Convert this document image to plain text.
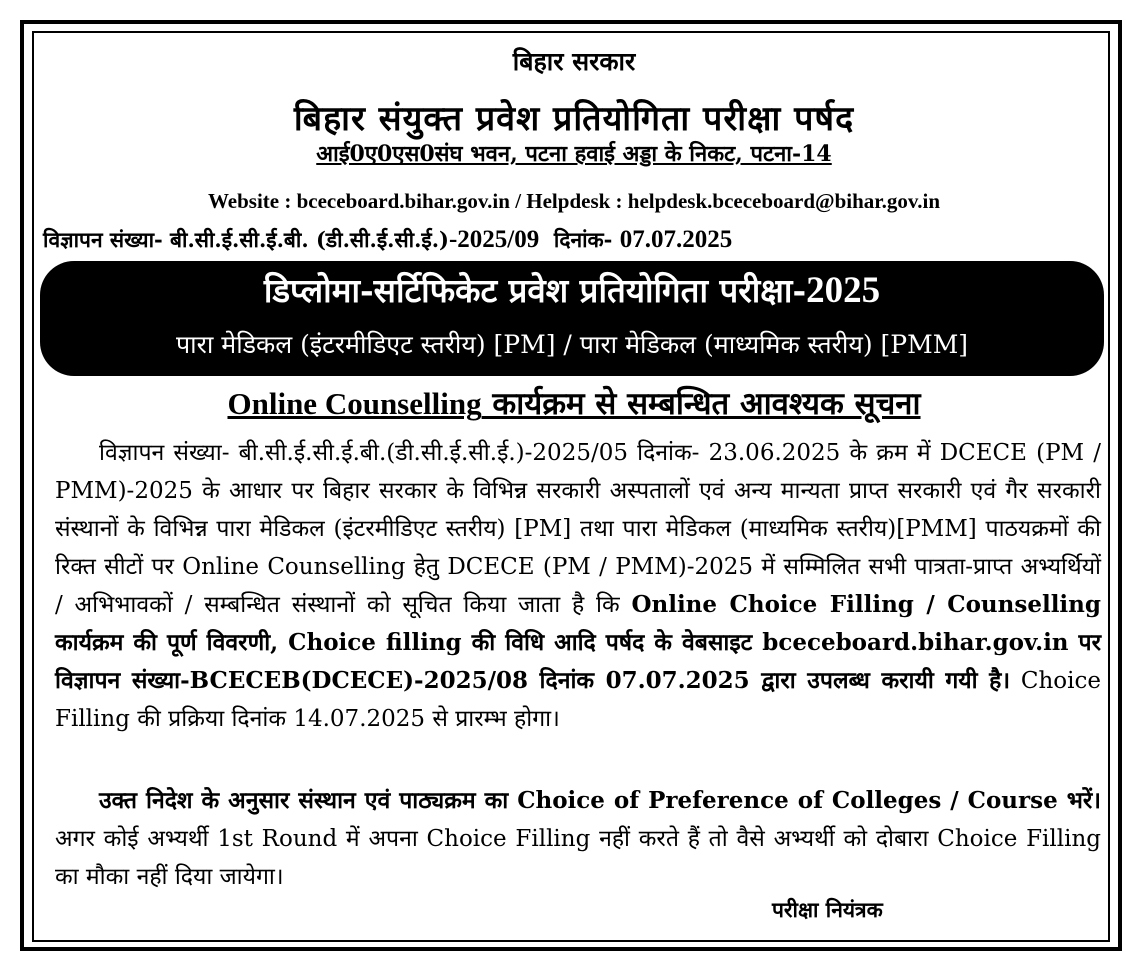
बिहार सरकार
बिहार संयुक्त प्रवेश प्रतियोगिता परीक्षा पर्षद
आई0ए0एस0संघ भवन, पटना हवाई अड्डा के निकट, पटना-14
Website : bceceboard.bihar.gov.in / Helpdesk : helpdesk.bceceboard@bihar.gov.in
विज्ञापन संख्या- बी.सी.ई.सी.ई.बी. (डी.सी.ई.सी.ई.)-2025/09 दिनांक- 07.07.2025
डिप्लोमा-सर्टिफिकेट प्रवेश प्रतियोगिता परीक्षा-2025
पारा मेडिकल (इंटरमीडिएट स्तरीय) [PM] / पारा मेडिकल (माध्यमिक स्तरीय) [PMM]
Online Counselling कार्यक्रम से सम्बन्धित आवश्यक सूचना

विज्ञापन संख्या- बी.सी.ई.सी.ई.बी.(डी.सी.ई.सी.ई.)-2025/05 दिनांक- 23.06.2025 के क्रम में DCECE (PM / PMM)-2025 के आधार पर बिहार सरकार के विभिन्न सरकारी अस्पतालों एवं अन्य मान्यता प्राप्त सरकारी एवं गैर सरकारी संस्थानों के विभिन्न पारा मेडिकल (इंटरमीडिएट स्तरीय) [PM] तथा पारा मेडिकल (माध्यमिक स्तरीय)[PMM] पाठयक्रमों की रिक्त सीटों पर Online Counselling हेतु DCECE (PM / PMM)-2025 में सम्मिलित सभी पात्रता-प्राप्त अभ्यर्थियों / अभिभावकों / सम्बन्धित संस्थानों को सूचित किया जाता है कि Online Choice Filling / Counselling कार्यक्रम की पूर्ण विवरणी, Choice filling की विधि आदि पर्षद के वेबसाइट bceceboard.bihar.gov.in पर विज्ञापन संख्या-BCECEB(DCECE)-2025/08 दिनांक 07.07.2025 द्वारा उपलब्ध करायी गयी है। Choice Filling की प्रक्रिया दिनांक 14.07.2025 से प्रारम्भ होगा।

उक्त निदेश के अनुसार संस्थान एवं पाठ्यक्रम का Choice of Preference of Colleges / Course भरें। अगर कोई अभ्यर्थी 1st Round में अपना Choice Filling नहीं करते हैं तो वैसे अभ्यर्थी को दोबारा Choice Filling का मौका नहीं दिया जायेगा।

परीक्षा नियंत्रक
